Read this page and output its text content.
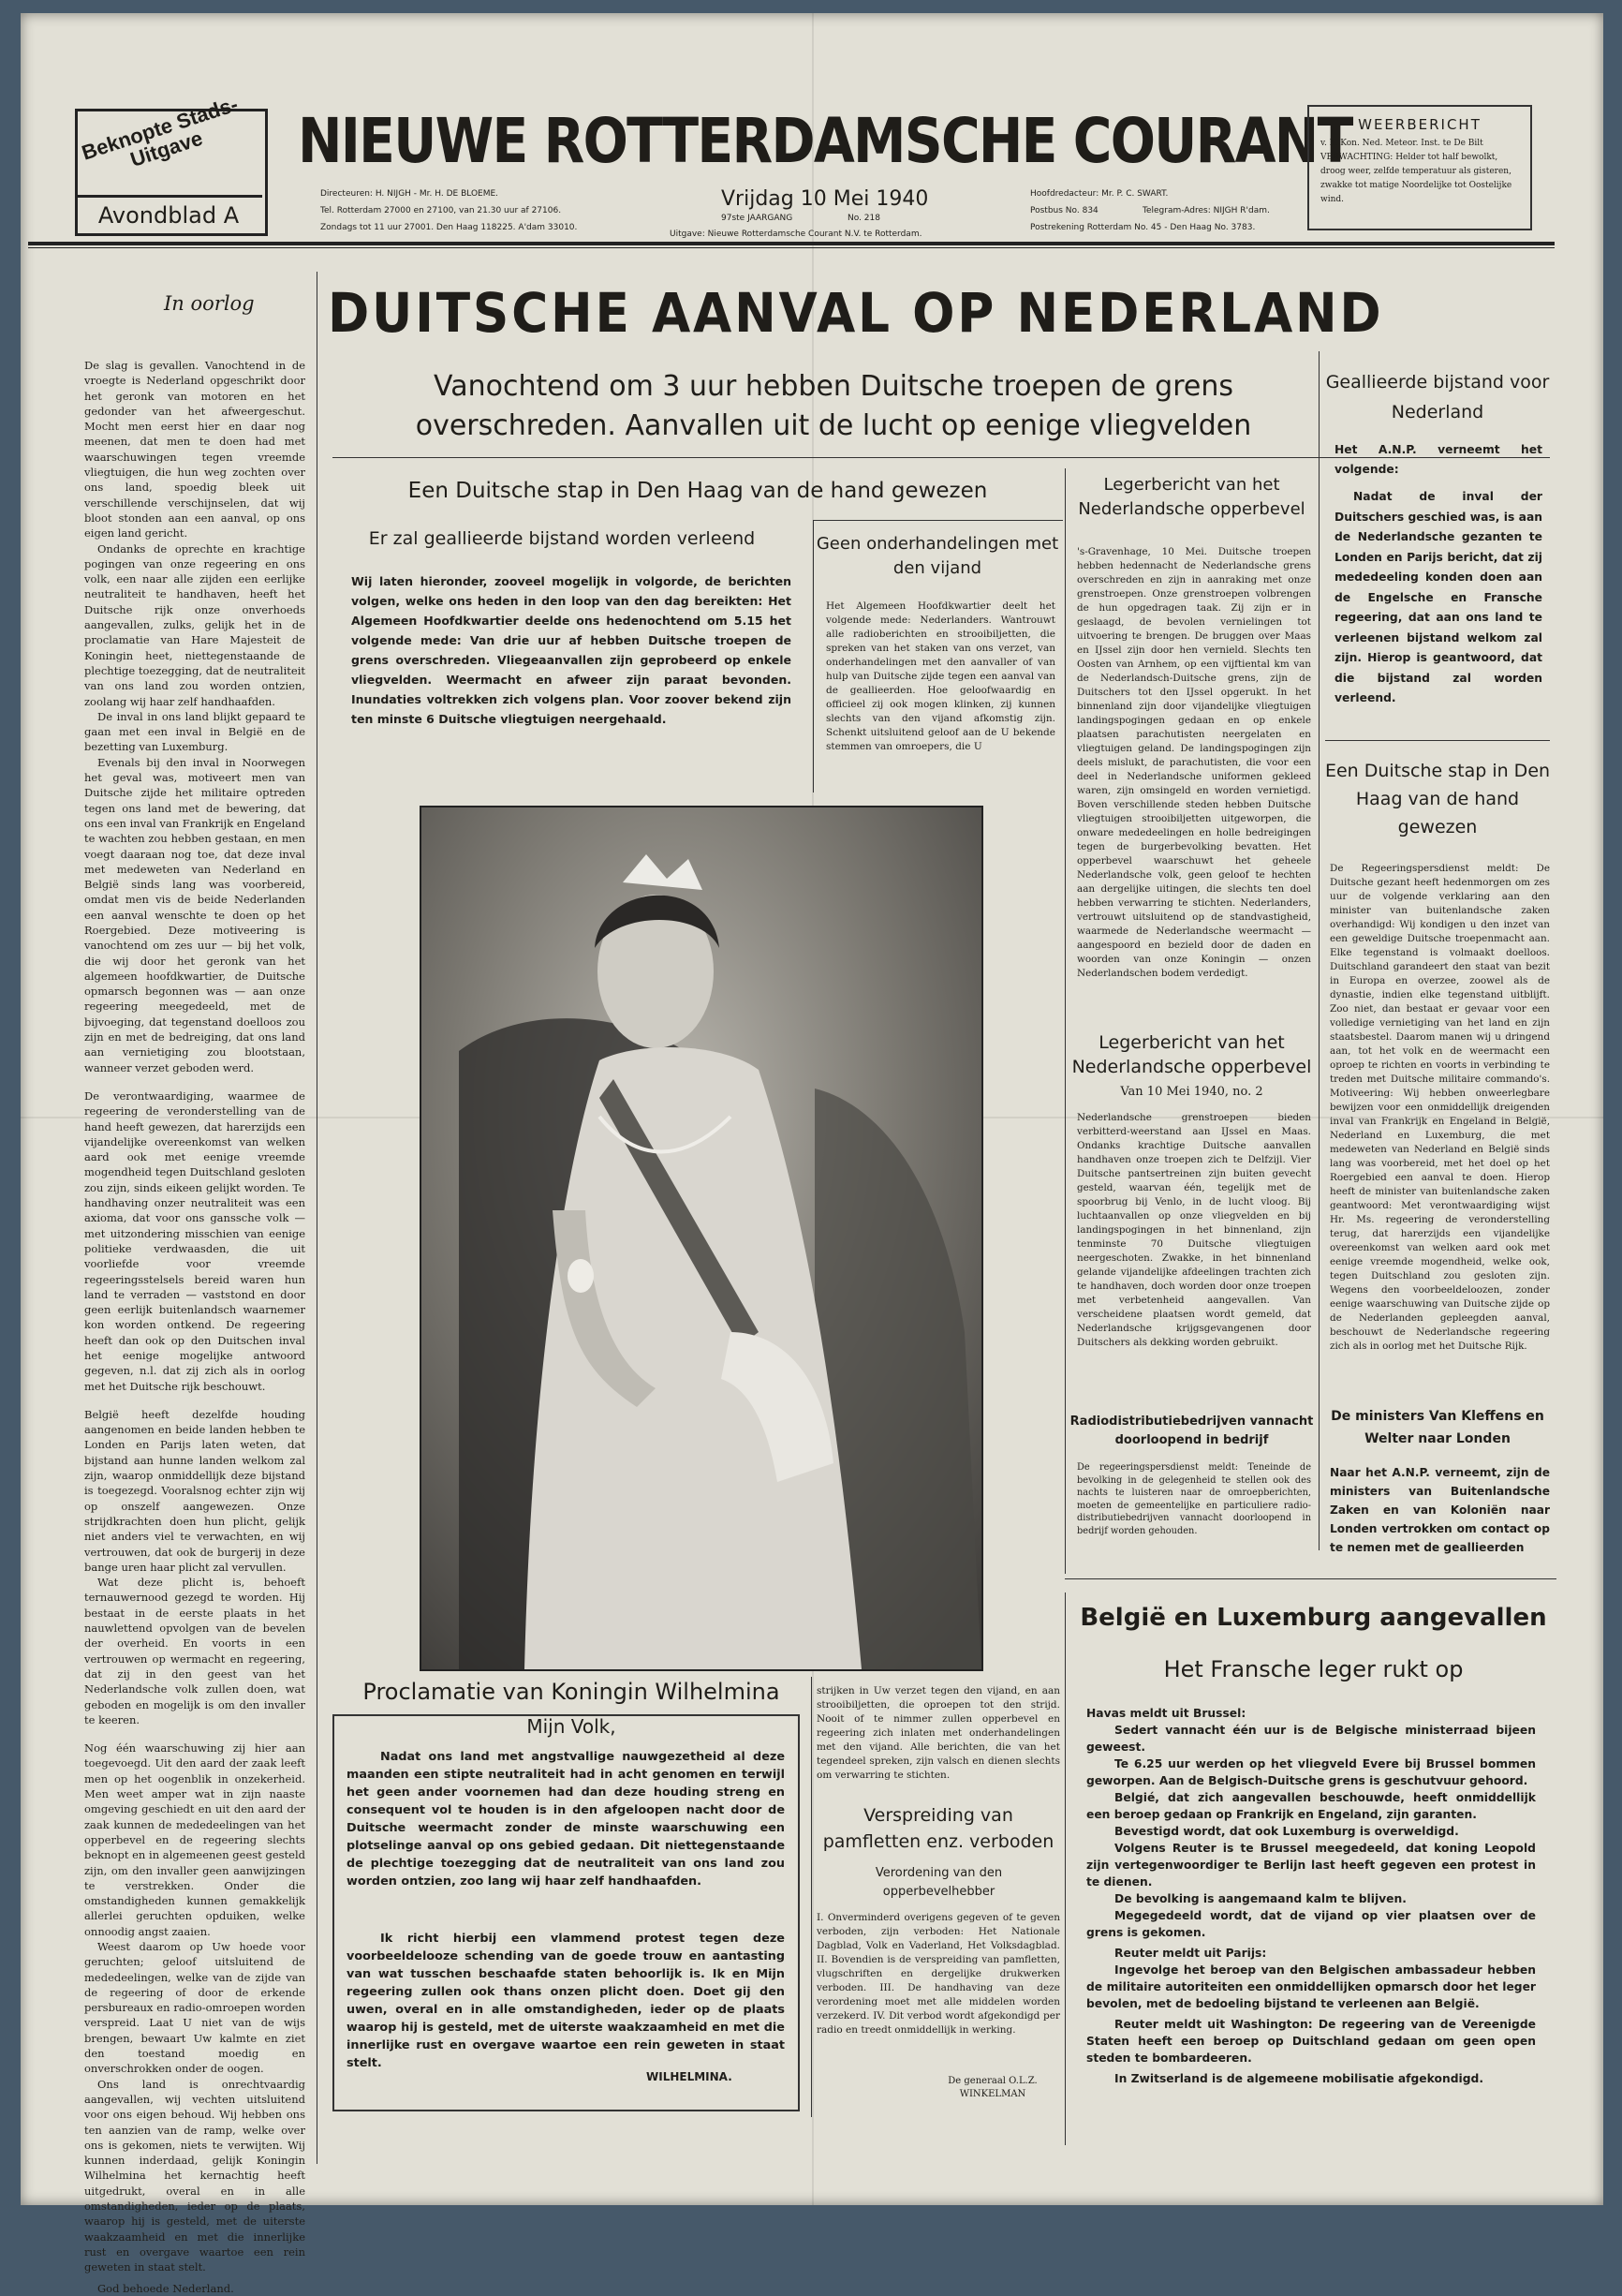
Beknopte Stads-Uitgave
Avondblad A
NIEUWE ROTTERDAMSCHE COURANT
Directeuren: H. NIJGH - Mr. H. DE BLOEME.
Tel. Rotterdam 27000 en 27100, van 21.30 uur af 27106.
Zondags tot 11 uur 27001. Den Haag 118225. A'dam 33010.
Vrijdag 10 Mei 1940
97ste JAARGANG	No. 218
Uitgave: Nieuwe Rotterdamsche Courant N.V. te Rotterdam.
Hoofdredacteur: Mr. P. C. SWART.
Postbus No. 834	Telegram-Adres: NIJGH R'dam.
Postrekening Rotterdam No. 45 - Den Haag No. 3783.
WEERBERICHT
v. h. Kon. Ned. Meteor. Inst. te De Bilt VERWACHTING: Helder tot half bewolkt, droog weer, zelfde temperatuur als gisteren, zwakke tot matige Noordelijke tot Oostelijke wind.
DUITSCHE AANVAL OP NEDERLAND
Vanochtend om 3 uur hebben Duitsche troepen de grens overschreden. Aanvallen uit de lucht op eenige vliegvelden
In oorlog

De slag is gevallen. Vanochtend in de vroegte is Nederland opgeschrikt door het geronk van motoren en het gedonder van het afweergeschut. Mocht men eerst hier en daar nog meenen, dat men te doen had met waarschuwingen tegen vreemde vliegtuigen, die hun weg zochten over ons land, spoedig bleek uit verschillende verschijnselen, dat wij bloot stonden aan een aanval, op ons eigen land gericht.

Ondanks de oprechte en krachtige pogingen van onze regeering en ons volk, een naar alle zijden een eerlijke neutraliteit te handhaven, heeft het Duitsche rijk onze onverhoeds aangevallen, zulks, gelijk het in de proclamatie van Hare Majesteit de Koningin heet, niettegenstaande de plechtige toezegging, dat de neutraliteit van ons land zou worden ontzien, zoolang wij haar zelf handhaafden.

De inval in ons land blijkt gepaard te gaan met een inval in België en de bezetting van Luxemburg.

Evenals bij den inval in Noorwegen het geval was, motiveert men van Duitsche zijde het militaire optreden tegen ons land met de bewering, dat ons een inval van Frankrijk en Engeland te wachten zou hebben gestaan, en men voegt daaraan nog toe, dat deze inval met medeweten van Nederland en België sinds lang was voorbereid, omdat men vis de beide Nederlanden een aanval wenschte te doen op het Roergebied. Deze motiveering is vanochtend om zes uur — bij het volk, die wij door het geronk van het algemeen hoofdkwartier, de Duitsche opmarsch begonnen was — aan onze regeering meegedeeld, met de bijvoeging, dat tegenstand doelloos zou zijn en met de bedreiging, dat ons land aan vernietiging zou blootstaan, wanneer verzet geboden werd.

De verontwaardiging, waarmee de regeering de veronderstelling van de hand heeft gewezen, dat harerzijds een vijandelijke overeenkomst van welken aard ook met eenige vreemde mogendheid tegen Duitschland gesloten zou zijn, sinds eikeen gelijkt worden. Te handhaving onzer neutraliteit was een axioma, dat voor ons ganssche volk — met uitzondering misschien van eenige politieke verdwaasden, die uit voorliefde voor vreemde regeeringsstelsels bereid waren hun land te verraden — vaststond en door geen eerlijk buitenlandsch waarnemer kon worden ontkend. De regeering heeft dan ook op den Duitschen inval het eenige mogelijke antwoord gegeven, n.l. dat zij zich als in oorlog met het Duitsche rijk beschouwt.

België heeft dezelfde houding aangenomen en beide landen hebben te Londen en Parijs laten weten, dat bijstand aan hunne landen welkom zal zijn, waarop onmiddellijk deze bijstand is toegezegd. Vooralsnog echter zijn wij op onszelf aangewezen. Onze strijdkrachten doen hun plicht, gelijk niet anders viel te verwachten, en wij vertrouwen, dat ook de burgerij in deze bange uren haar plicht zal vervullen.

Wat deze plicht is, behoeft ternauwernood gezegd te worden. Hij bestaat in de eerste plaats in het nauwlettend opvolgen van de bevelen der overheid. En voorts in een vertrouwen op wermacht en regeering, dat zij in den geest van het Nederlandsche volk zullen doen, wat geboden en mogelijk is om den invaller te keeren.

Nog één waarschuwing zij hier aan toegevoegd. Uit den aard der zaak leeft men op het oogenblik in onzekerheid. Men weet amper wat in zijn naaste omgeving geschiedt en uit den aard der zaak kunnen de mededeelingen van het opperbevel en de regeering slechts beknopt en in algemeenen geest gesteld zijn, om den invaller geen aanwijzingen te verstrekken. Onder die omstandigheden kunnen gemakkelijk allerlei geruchten opduiken, welke onnoodig angst zaaien.

Weest daarom op Uw hoede voor geruchten; geloof uitsluitend de mededeelingen, welke van de zijde van de regeering of door de erkende persbureaux en radio-omroepen worden verspreid. Laat U niet van de wijs brengen, bewaart Uw kalmte en ziet den toestand moedig en onverschrokken onder de oogen.

Ons land is onrechtvaardig aangevallen, wij vechten uitsluitend voor ons eigen behoud. Wij hebben ons ten aanzien van de ramp, welke over ons is gekomen, niets te verwijten. Wij kunnen inderdaad, gelijk Koningin Wilhelmina het kernachtig heeft uitgedrukt, overal en in alle omstandigheden, ieder op de plaats, waarop hij is gesteld, met de uiterste waakzaamheid en met die innerlijke rust en overgave waartoe een rein geweten in staat stelt.

God behoede Nederland.

Een Duitsche stap in Den Haag van de hand gewezen
Er zal geallieerde bijstand worden verleend
Wij laten hieronder, zooveel mogelijk in volgorde, de berichten volgen, welke ons heden in den loop van den dag bereikten: Het Algemeen Hoofdkwartier deelde ons hedenochtend om 5.15 het volgende mede: Van drie uur af hebben Duitsche troepen de grens overschreden. Vliegeaanvallen zijn geprobeerd op enkele vliegvelden. Weermacht en afweer zijn paraat bevonden. Inundaties voltrekken zich volgens plan. Voor zoover bekend zijn ten minste 6 Duitsche vliegtuigen neergehaald.
Geen onderhandelingen met den vijand
Het Algemeen Hoofdkwartier deelt het volgende mede: Nederlanders. Wantrouwt alle radioberichten en strooibiljetten, die spreken van het staken van ons verzet, van onderhandelingen met den aanvaller of van hulp van Duitsche zijde tegen een aanval van de geallieerden. Hoe geloofwaardig en officieel zij ook mogen klinken, zij kunnen slechts van den vijand afkomstig zijn. Schenkt uitsluitend geloof aan de U bekende stemmen van omroepers, die U
Proclamatie van Koningin Wilhelmina
Mijn Volk,
Nadat ons land met angstvallige nauwgezetheid al deze maanden een stipte neutraliteit had in acht genomen en terwijl het geen ander voornemen had dan deze houding streng en consequent vol te houden is in den afgeloopen nacht door de Duitsche weermacht zonder de minste waarschuwing een plotselinge aanval op ons gebied gedaan. Dit niettegenstaande de plechtige toezegging dat de neutraliteit van ons land zou worden ontzien, zoo lang wij haar zelf handhaafden.
Ik richt hierbij een vlammend protest tegen deze voorbeeldelooze schending van de goede trouw en aantasting van wat tusschen beschaafde staten behoorlijk is. Ik en Mijn regeering zullen ook thans onzen plicht doen. Doet gij den uwen, overal en in alle omstandigheden, ieder op de plaats waarop hij is gesteld, met de uiterste waakzaamheid en met die innerlijke rust en overgave waartoe een rein geweten in staat stelt.
WILHELMINA.
strijken in Uw verzet tegen den vijand, en aan strooibiljetten, die oproepen tot den strijd. Nooit of te nimmer zullen opperbevel en regeering zich inlaten met onderhandelingen met den vijand. Alle berichten, die van het tegendeel spreken, zijn valsch en dienen slechts om verwarring te stichten.
Verspreiding van pamfletten enz. verboden
Verordening van den opperbevelhebber
I. Onverminderd overigens gegeven of te geven verboden, zijn verboden: Het Nationale Dagblad, Volk en Vaderland, Het Volksdagblad. II. Bovendien is de verspreiding van pamfletten, vlugschriften en dergelijke drukwerken verboden. III. De handhaving van deze verordening moet met alle middelen worden verzekerd. IV. Dit verbod wordt afgekondigd per radio en treedt onmiddellijk in werking.
De generaal O.L.Z. WINKELMAN
Legerbericht van het Nederlandsche opperbevel
's-Gravenhage, 10 Mei. Duitsche troepen hebben hedennacht de Nederlandsche grens overschreden en zijn in aanraking met onze grenstroepen. Onze grenstroepen volbrengen de hun opgedragen taak. Zij zijn er in geslaagd, de bevolen vernielingen tot uitvoering te brengen. De bruggen over Maas en IJssel zijn door hen vernield. Slechts ten Oosten van Arnhem, op een vijftiental km van de Nederlandsch-Duitsche grens, zijn de Duitschers tot den IJssel opgerukt. In het binnenland zijn door vijandelijke vliegtuigen landingspogingen gedaan en op enkele plaatsen parachutisten neergelaten en vliegtuigen geland. De landingspogingen zijn deels mislukt, de parachutisten, die voor een deel in Nederlandsche uniformen gekleed waren, zijn omsingeld en worden vernietigd. Boven verschillende steden hebben Duitsche vliegtuigen strooibiljetten uitgeworpen, die onware mededeelingen en holle bedreigingen tegen de burgerbevolking bevatten. Het opperbevel waarschuwt het geheele Nederlandsche volk, geen geloof te hechten aan dergelijke uitingen, die slechts ten doel hebben verwarring te stichten. Nederlanders, vertrouwt uitsluitend op de standvastigheid, waarmede de Nederlandsche weermacht — aangespoord en bezield door de daden en woorden van onze Koningin — onzen Nederlandschen bodem verdedigt.
Legerbericht van het Nederlandsche opperbevel
Van 10 Mei 1940, no. 2
Nederlandsche grenstroepen bieden verbitterd-weerstand aan IJssel en Maas. Ondanks krachtige Duitsche aanvallen handhaven onze troepen zich te Delfzijl. Vier Duitsche pantsertreinen zijn buiten gevecht gesteld, waarvan één, tegelijk met de spoorbrug bij Venlo, in de lucht vloog. Bij luchtaanvallen op onze vliegvelden en bij landingspogingen in het binnenland, zijn tenminste 70 Duitsche vliegtuigen neergeschoten. Zwakke, in het binnenland gelande vijandelijke afdeelingen trachten zich te handhaven, doch worden door onze troepen met verbetenheid aangevallen. Van verscheidene plaatsen wordt gemeld, dat Nederlandsche krijgsgevangenen door Duitschers als dekking worden gebruikt.
Radiodistributiebedrijven vannacht doorloopend in bedrijf
De regeeringspersdienst meldt: Teneinde de bevolking in de gelegenheid te stellen ook des nachts te luisteren naar de omroepberichten, moeten de gemeentelijke en particuliere radio-distributiebedrijven vannacht doorloopend in bedrijf worden gehouden.
Geallieerde bijstand voor Nederland
Het A.N.P. verneemt het volgende:
Nadat de inval der Duitschers geschied was, is aan de Nederlandsche gezanten te Londen en Parijs bericht, dat zij mededeeling konden doen aan de Engelsche en Fransche regeering, dat aan ons land te verleenen bijstand welkom zal zijn. Hierop is geantwoord, dat die bijstand zal worden verleend.
Een Duitsche stap in Den Haag van de hand gewezen
De Regeeringspersdienst meldt: De Duitsche gezant heeft hedenmorgen om zes uur de volgende verklaring aan den minister van buitenlandsche zaken overhandigd: Wij kondigen u den inzet van een geweldige Duitsche troepenmacht aan. Elke tegenstand is volmaakt doelloos. Duitschland garandeert den staat van bezit in Europa en overzee, zoowel als de dynastie, indien elke tegenstand uitblijft. Zoo niet, dan bestaat er gevaar voor een volledige vernietiging van het land en zijn staatsbestel. Daarom manen wij u dringend aan, tot het volk en de weermacht een oproep te richten en voorts in verbinding te treden met Duitsche militaire commando's. Motiveering: Wij hebben onweerlegbare bewijzen voor een onmiddellijk dreigenden inval van Frankrijk en Engeland in België, Nederland en Luxemburg, die met medeweten van Nederland en België sinds lang was voorbereid, met het doel op het Roergebied een aanval te doen. Hierop heeft de minister van buitenlandsche zaken geantwoord: Met verontwaardiging wijst Hr. Ms. regeering de veronderstelling terug, dat harerzijds een vijandelijke overeenkomst van welken aard ook met eenige vreemde mogendheid, welke ook, tegen Duitschland zou gesloten zijn. Wegens den voorbeeldeloozen, zonder eenige waarschuwing van Duitsche zijde op de Nederlanden gepleegden aanval, beschouwt de Nederlandsche regeering zich als in oorlog met het Duitsche Rijk.
De ministers Van Kleffens en Welter naar Londen
Naar het A.N.P. verneemt, zijn de ministers van Buitenlandsche Zaken en van Koloniën naar Londen vertrokken om contact op te nemen met de geallieerden
België en Luxemburg aangevallen
Het Fransche leger rukt op
Havas meldt uit Brussel:
Sedert vannacht één uur is de Belgische ministerraad bijeen geweest.
Te 6.25 uur werden op het vliegveld Evere bij Brussel bommen geworpen. Aan de Belgisch-Duitsche grens is geschutvuur gehoord.
Belgié, dat zich aangevallen beschouwde, heeft onmiddellijk een beroep gedaan op Frankrijk en Engeland, zijn garanten.
Bevestigd wordt, dat ook Luxemburg is overweldigd.
Volgens Reuter is te Brussel meegedeeld, dat koning Leopold zijn vertegenwoordiger te Berlijn last heeft gegeven een protest in te dienen.
De bevolking is aangemaand kalm te blijven.
Megegedeeld wordt, dat de vijand op vier plaatsen over de grens is gekomen.
Reuter meldt uit Parijs:
Ingevolge het beroep van den Belgischen ambassadeur hebben de militaire autoriteiten een onmiddellijken opmarsch door het leger bevolen, met de bedoeling bijstand te verleenen aan België.
Reuter meldt uit Washington: De regeering van de Vereenigde Staten heeft een beroep op Duitschland gedaan om geen open steden te bombardeeren.
In Zwitserland is de algemeene mobilisatie afgekondigd.
